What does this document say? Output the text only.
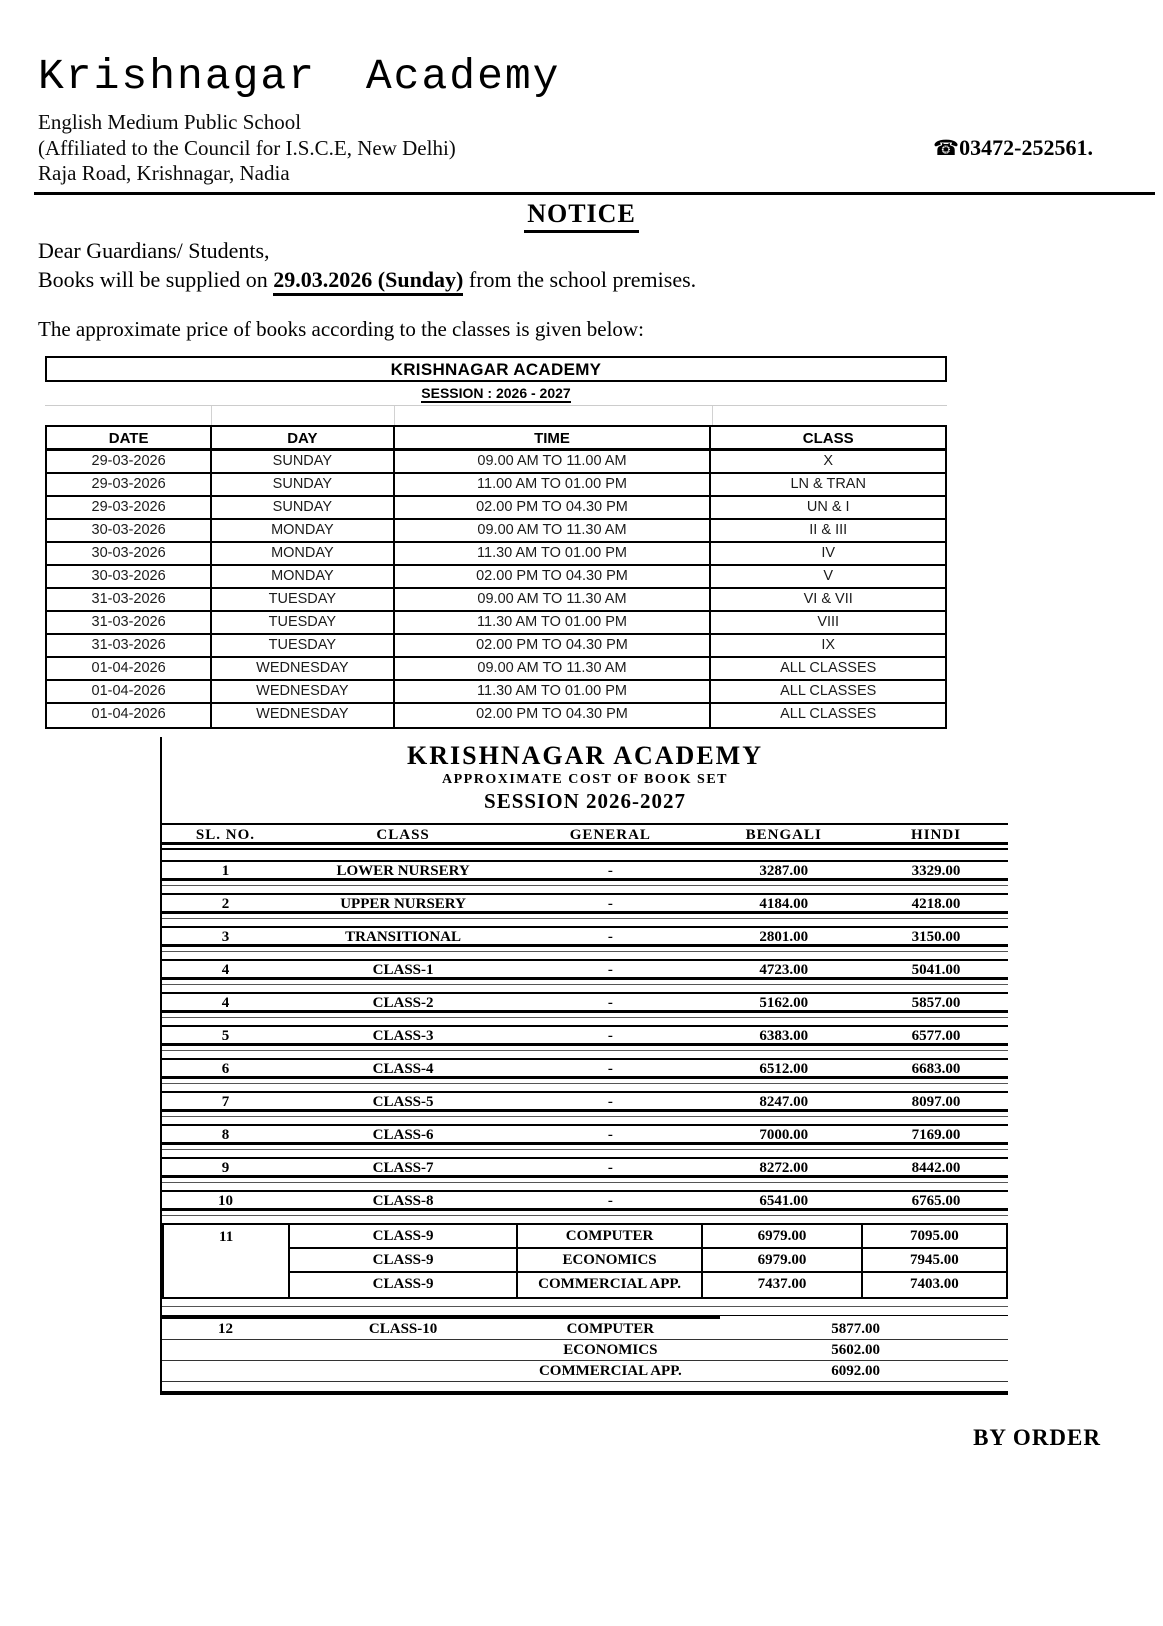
Krishnagar Academy
English Medium Public School
(Affiliated to the Council for I.S.C.E, New Delhi)	☎03472-252561.
Raja Road, Krishnagar, Nadia
NOTICE
Dear Guardians/ Students,
Books will be supplied on 29.03.2026 (Sunday) from the school premises.
The approximate price of books according to the classes is given below:
KRISHNAGAR ACADEMY
SESSION : 2026 - 2027
DATE	DAY	TIME	CLASS
29-03-2026	SUNDAY	09.00 AM TO 11.00 AM	X
29-03-2026	SUNDAY	11.00 AM TO 01.00 PM	LN & TRAN
29-03-2026	SUNDAY	02.00 PM TO 04.30 PM	UN & I
30-03-2026	MONDAY	09.00 AM TO 11.30 AM	II & III
30-03-2026	MONDAY	11.30 AM TO 01.00 PM	IV
30-03-2026	MONDAY	02.00 PM TO 04.30 PM	V
31-03-2026	TUESDAY	09.00 AM TO 11.30 AM	VI & VII
31-03-2026	TUESDAY	11.30 AM TO 01.00 PM	VIII
31-03-2026	TUESDAY	02.00 PM TO 04.30 PM	IX
01-04-2026	WEDNESDAY	09.00 AM TO 11.30 AM	ALL CLASSES
01-04-2026	WEDNESDAY	11.30 AM TO 01.00 PM	ALL CLASSES
01-04-2026	WEDNESDAY	02.00 PM TO 04.30 PM	ALL CLASSES
KRISHNAGAR ACADEMY
APPROXIMATE COST OF BOOK SET
SESSION 2026-2027
SL. NO.	CLASS	GENERAL	BENGALI	HINDI
1	LOWER NURSERY	-	3287.00	3329.00
2	UPPER NURSERY	-	4184.00	4218.00
3	TRANSITIONAL	-	2801.00	3150.00
4	CLASS-1	-	4723.00	5041.00
4	CLASS-2	-	5162.00	5857.00
5	CLASS-3	-	6383.00	6577.00
6	CLASS-4	-	6512.00	6683.00
7	CLASS-5	-	8247.00	8097.00
8	CLASS-6	-	7000.00	7169.00
9	CLASS-7	-	8272.00	8442.00
10	CLASS-8	-	6541.00	6765.00
11	CLASS-9	COMPUTER	6979.00	7095.00
CLASS-9	ECONOMICS	6979.00	7945.00
CLASS-9	COMMERCIAL APP.	7437.00	7403.00
12	CLASS-10	COMPUTER	5877.00
ECONOMICS	5602.00
COMMERCIAL APP.	6092.00
BY ORDER
